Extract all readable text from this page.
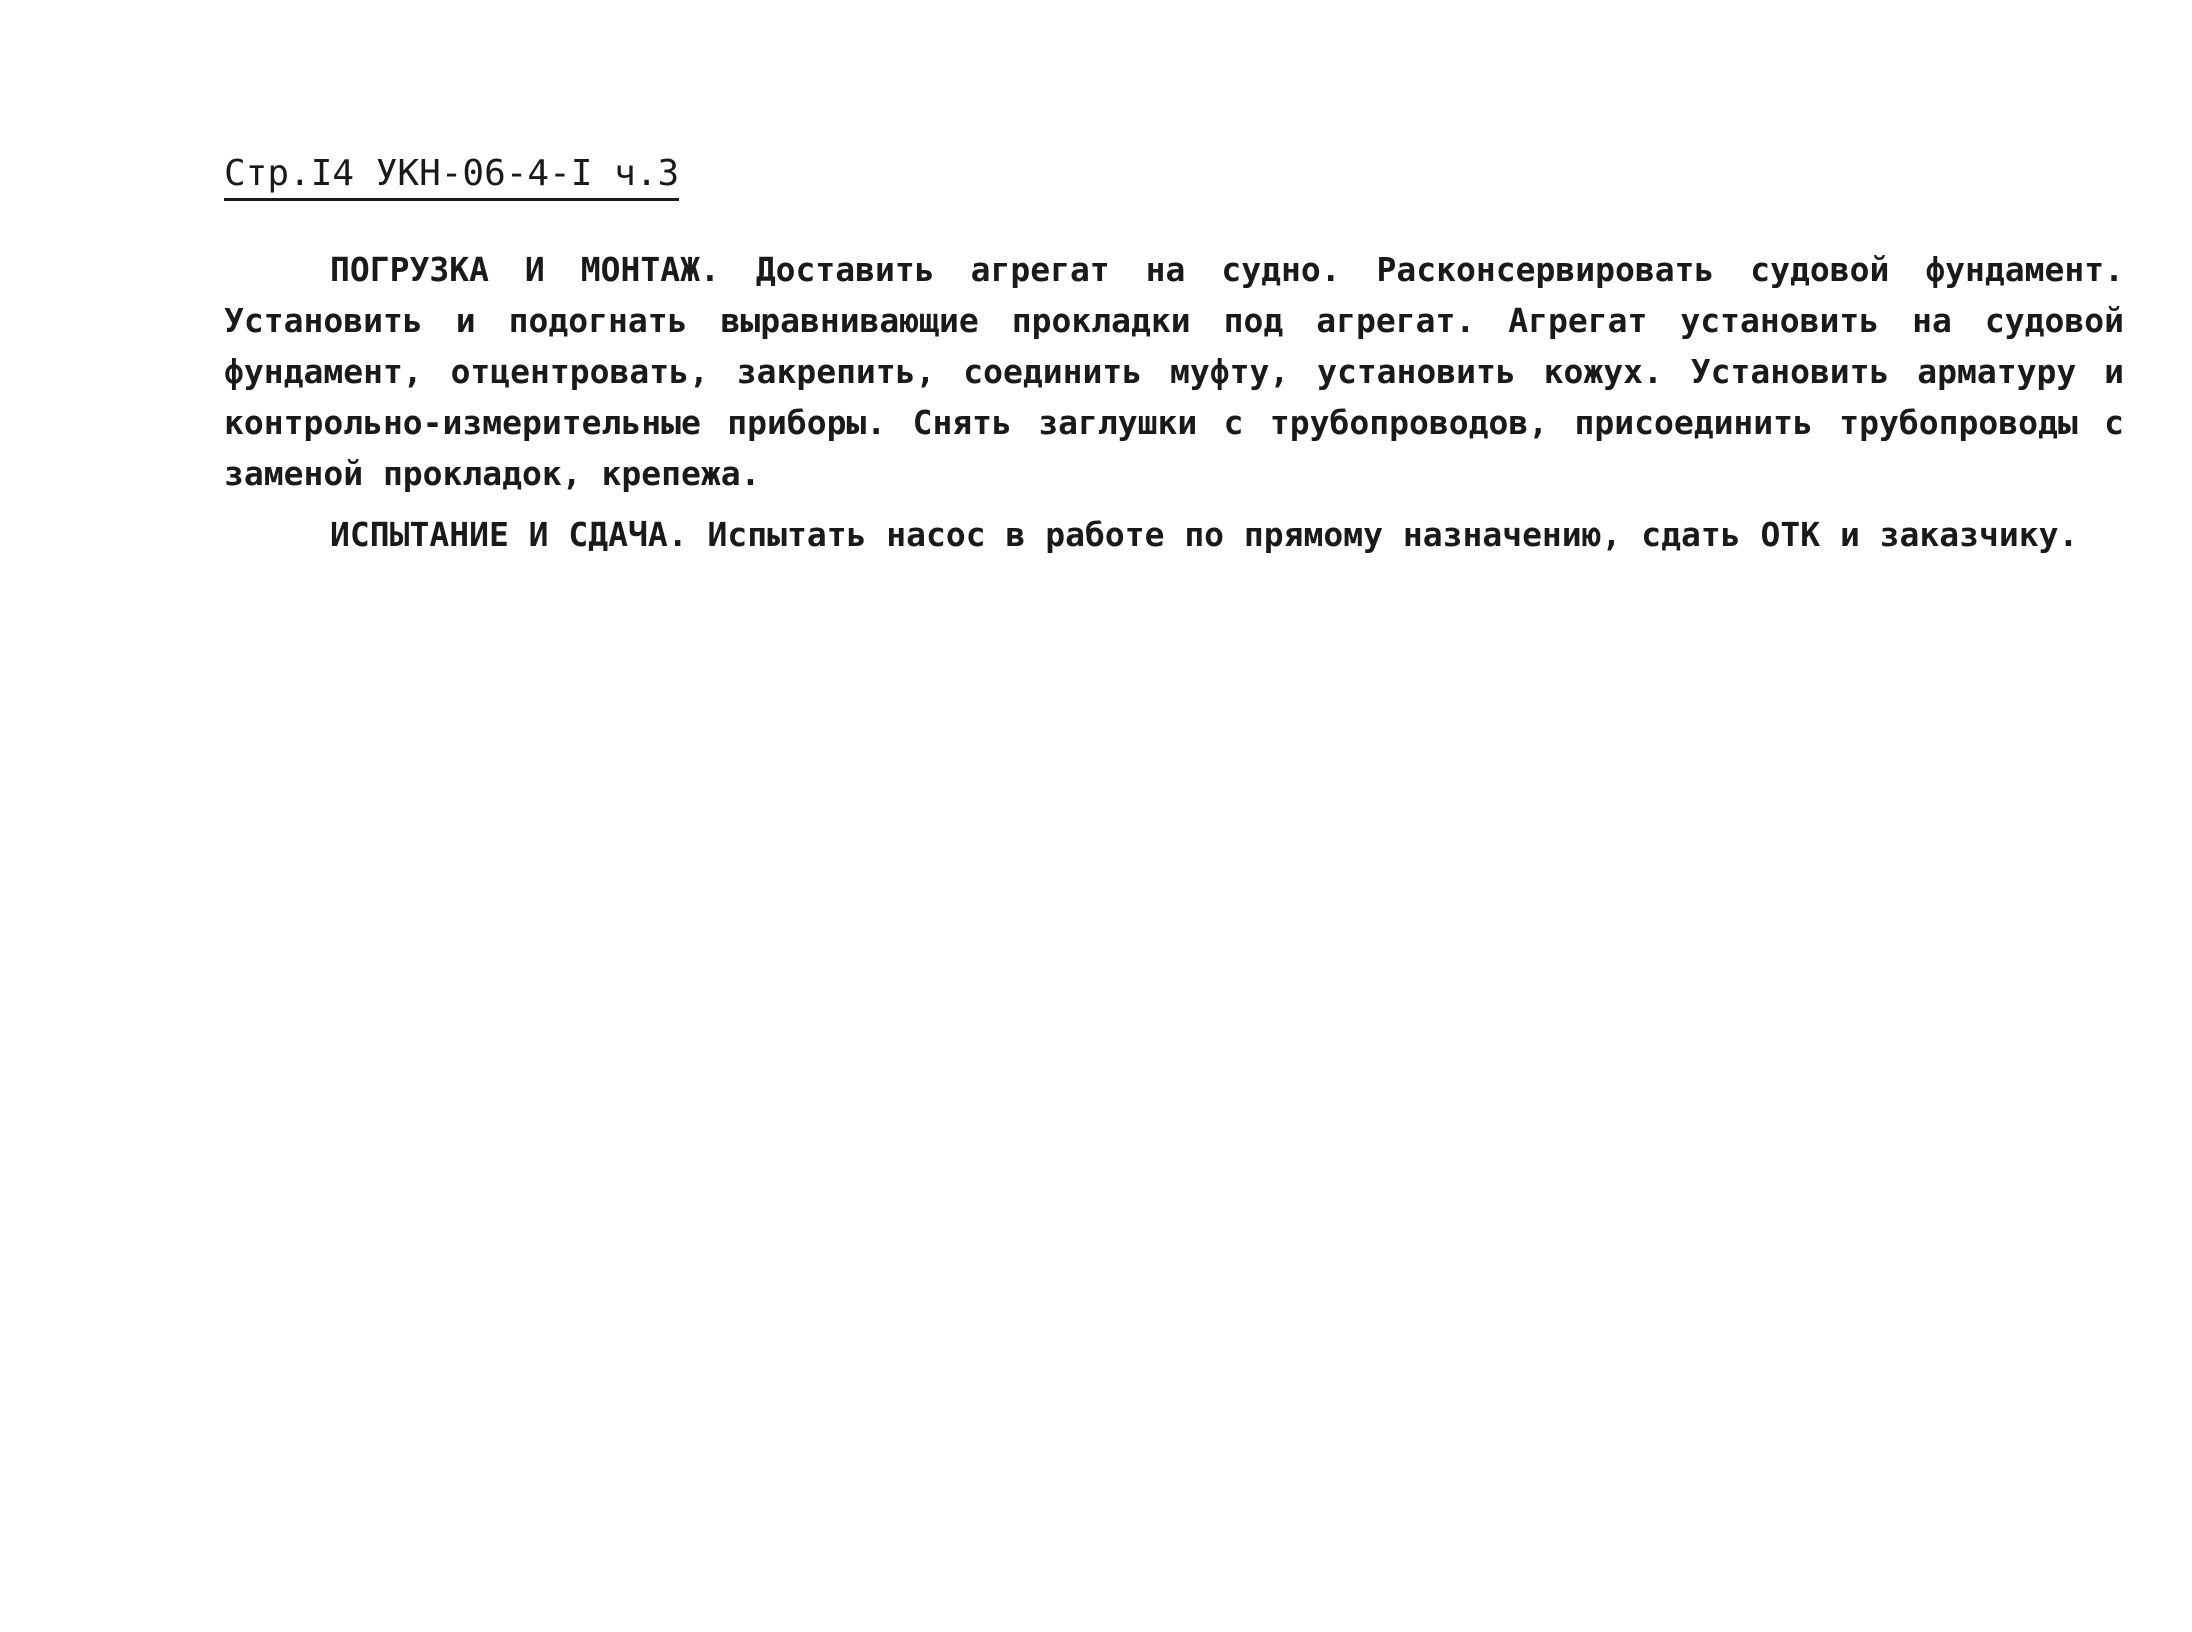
Стр.I4 УКН-06-4-I ч.3

ПОГРУЗКА И МОНТАЖ. Доставить агрегат на судно. Расконсервировать судовой фундамент. Установить и подогнать выравнивающие прокладки под агрегат. Агрегат установить на судовой фундамент, отцентровать, закрепить, соединить муфту, установить кожух. Установить арматуру и контрольно-измерительные приборы. Снять заглушки с трубопроводов, присоединить трубопроводы с заменой прокладок, крепежа.

ИСПЫТАНИЕ И СДАЧА. Испытать насос в работе по прямому назначению, сдать ОТК и заказчику.
